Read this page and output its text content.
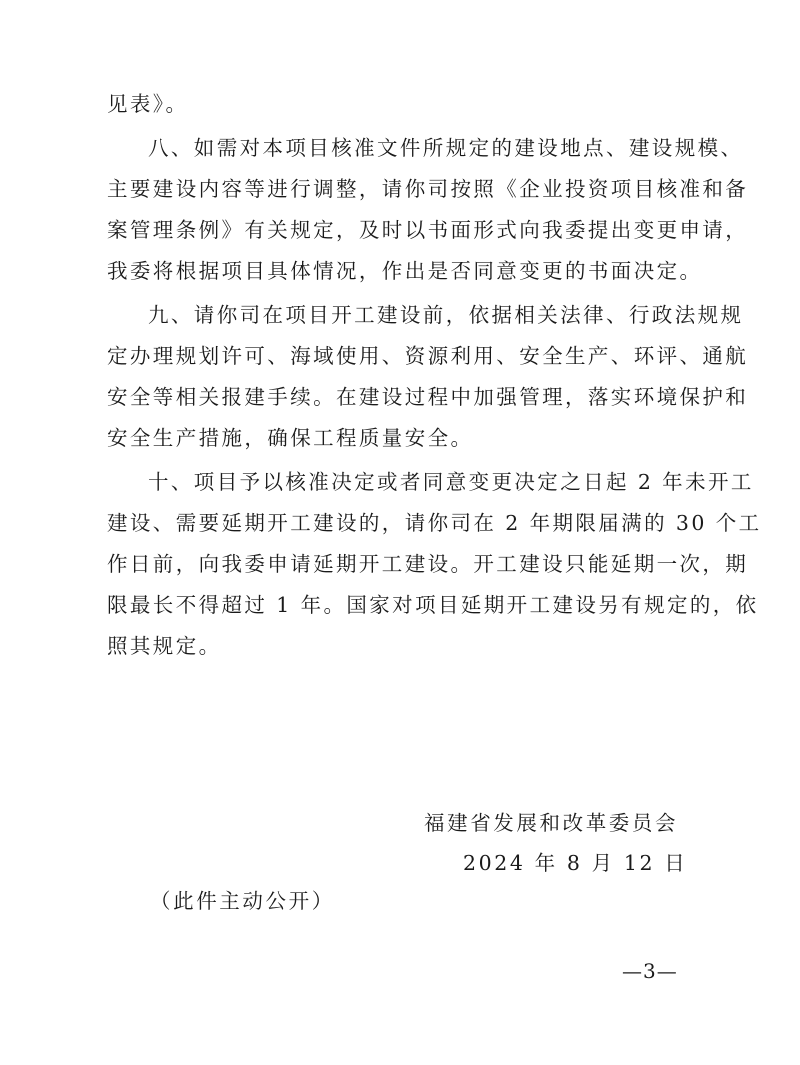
见表》。
八、如需对本项目核准文件所规定的建设地点、建设规模、
主要建设内容等进行调整，请你司按照《企业投资项目核准和备
案管理条例》有关规定，及时以书面形式向我委提出变更申请，
我委将根据项目具体情况，作出是否同意变更的书面决定。
九、请你司在项目开工建设前，依据相关法律、行政法规规
定办理规划许可、海域使用、资源利用、安全生产、环评、通航
安全等相关报建手续。在建设过程中加强管理，落实环境保护和
安全生产措施，确保工程质量安全。
十、项目予以核准决定或者同意变更决定之日起 2 年未开工
建设、需要延期开工建设的，请你司在 2 年期限届满的 30 个工
作日前，向我委申请延期开工建设。开工建设只能延期一次，期
限最长不得超过 1 年。国家对项目延期开工建设另有规定的，依
照其规定。
福建省发展和改革委员会
2024 年 8 月 12 日
（此件主动公开）
—3—
